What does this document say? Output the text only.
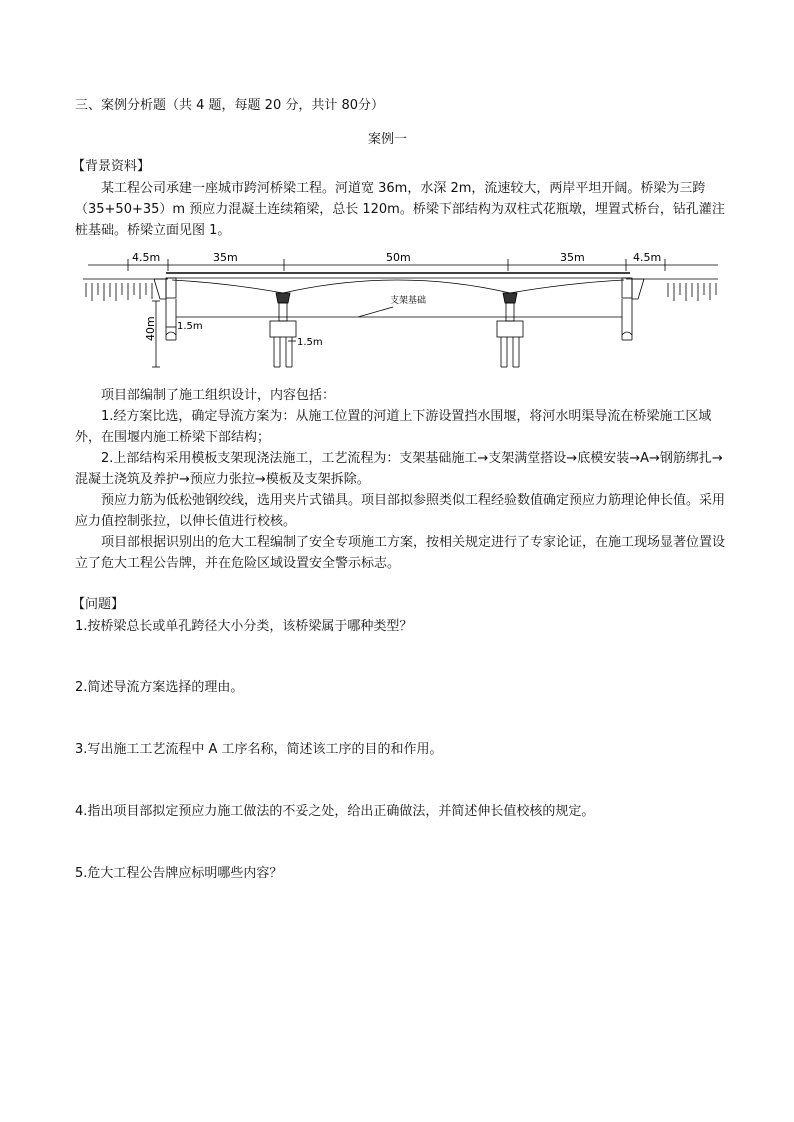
三、案例分析题（共 4 题，每题 20 分，共计 80分）
案例一
【背景资料】
某工程公司承建一座城市跨河桥梁工程。河道宽 36m，水深 2m，流速较大，两岸平坦开阔。桥梁为三跨（35+50+35）m 预应力混凝土连续箱梁，总长 120m。桥梁下部结构为双柱式花瓶墩，埋置式桥台，钻孔灌注桩基础。桥梁立面见图 1。
4.5m	35m	50m	35m	4.5m
支架基础
1.5m
1.5m
40m
项目部编制了施工组织设计，内容包括：
1.经方案比选，确定导流方案为：从施工位置的河道上下游设置挡水围堰，将河水明渠导流在桥梁施工区域外，在围堰内施工桥梁下部结构；
2.上部结构采用模板支架现浇法施工，工艺流程为：支架基础施工→支架满堂搭设→底模安装→A→钢筋绑扎→混凝土浇筑及养护→预应力张拉→模板及支架拆除。
预应力筋为低松弛钢绞线，选用夹片式锚具。项目部拟参照类似工程经验数值确定预应力筋理论伸长值。采用应力值控制张拉，以伸长值进行校核。
项目部根据识别出的危大工程编制了安全专项施工方案，按相关规定进行了专家论证，在施工现场显著位置设立了危大工程公告牌，并在危险区域设置安全警示标志。
【问题】
1.按桥梁总长或单孔跨径大小分类，该桥梁属于哪种类型？
2.简述导流方案选择的理由。
3.写出施工工艺流程中 A 工序名称，简述该工序的目的和作用。
4.指出项目部拟定预应力施工做法的不妥之处，给出正确做法，并简述伸长值校核的规定。
5.危大工程公告牌应标明哪些内容？
